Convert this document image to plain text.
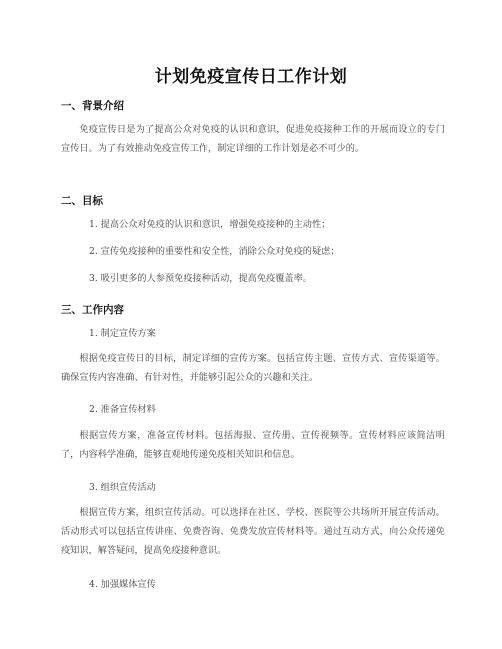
计划免疫宣传日工作计划
一、背景介绍

免疫宣传日是为了提高公众对免疫的认识和意识，促进免疫接种工作的开展而设立的专门宣传日。为了有效推动免疫宣传工作，制定详细的工作计划是必不可少的。

二、目标
1. 提高公众对免疫的认识和意识，增强免疫接种的主动性；
2. 宣传免疫接种的重要性和安全性，消除公众对免疫的疑虑；
3. 吸引更多的人参预免疫接种活动，提高免疫覆盖率。
三、工作内容
1. 制定宣传方案

根据免疫宣传日的目标，制定详细的宣传方案。包括宣传主题、宣传方式、宣传渠道等。确保宣传内容准确、有针对性，并能够引起公众的兴趣和关注。

2. 准备宣传材料

根据宣传方案，准备宣传材料。包括海报、宣传册、宣传视频等。宣传材料应该简洁明了，内容科学准确，能够直观地传递免疫相关知识和信息。

3. 组织宣传活动

根据宣传方案，组织宣传活动。可以选择在社区、学校、医院等公共场所开展宣传活动。活动形式可以包括宣传讲座、免费咨询、免费发放宣传材料等。通过互动方式，向公众传递免疫知识，解答疑问，提高免疫接种意识。

4. 加强媒体宣传
